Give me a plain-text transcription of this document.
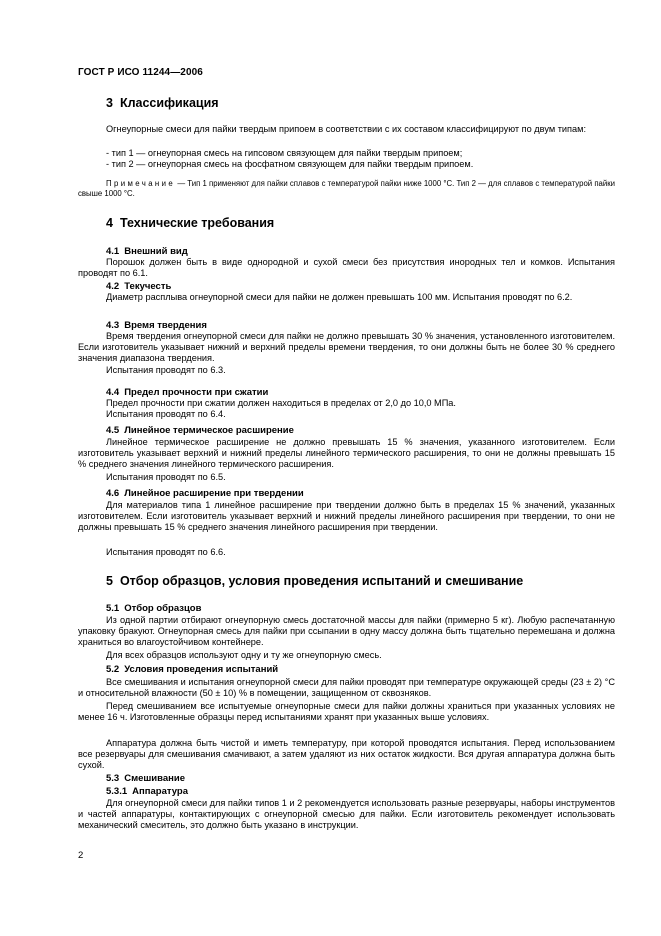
ГОСТ Р ИСО 11244—2006
3 Классификация
Огнеупорные смеси для пайки твердым припоем в соответствии с их составом классифицируют по двум типам:
- тип 1 — огнеупорная смесь на гипсовом связующем для пайки твердым припоем;
- тип 2 — огнеупорная смесь на фосфатном связующем для пайки твердым припоем.
Примечание — Тип 1 применяют для пайки сплавов с температурой пайки ниже 1000 °С. Тип 2 — для сплавов с температурой пайки свыше 1000 °С.
4 Технические требования
4.1 Внешний вид
Порошок должен быть в виде однородной и сухой смеси без присутствия инородных тел и комков. Испытания проводят по 6.1.
4.2 Текучесть
Диаметр расплыва огнеупорной смеси для пайки не должен превышать 100 мм. Испытания проводят по 6.2.
4.3 Время твердения
Время твердения огнеупорной смеси для пайки не должно превышать 30 % значения, установленного изготовителем. Если изготовитель указывает нижний и верхний пределы времени твердения, то они должны быть не более 30 % среднего значения диапазона твердения.
Испытания проводят по 6.3.
4.4 Предел прочности при сжатии
Предел прочности при сжатии должен находиться в пределах от 2,0 до 10,0 МПа.
Испытания проводят по 6.4.
4.5 Линейное термическое расширение
Линейное термическое расширение не должно превышать 15 % значения, указанного изготовителем. Если изготовитель указывает верхний и нижний пределы линейного термического расширения, то они не должны превышать 15 % среднего значения линейного термического расширения.
Испытания проводят по 6.5.
4.6 Линейное расширение при твердении
Для материалов типа 1 линейное расширение при твердении должно быть в пределах 15 % значений, указанных изготовителем. Если изготовитель указывает верхний и нижний пределы линейного расширения при твердении, то они не должны превышать 15 % среднего значения линейного расширения при твердении.
Испытания проводят по 6.6.
5 Отбор образцов, условия проведения испытаний и смешивание
5.1 Отбор образцов
Из одной партии отбирают огнеупорную смесь достаточной массы для пайки (примерно 5 кг). Любую распечатанную упаковку бракуют. Огнеупорная смесь для пайки при ссыпании в одну массу должна быть тщательно перемешана и должна храниться во влагоустойчивом контейнере.
Для всех образцов используют одну и ту же огнеупорную смесь.
5.2 Условия проведения испытаний
Все смешивания и испытания огнеупорной смеси для пайки проводят при температуре окружающей среды (23 ± 2) °С и относительной влажности (50 ± 10) % в помещении, защищенном от сквозняков.
Перед смешиванием все испытуемые огнеупорные смеси для пайки должны храниться при указанных условиях не менее 16 ч. Изготовленные образцы перед испытаниями хранят при указанных выше условиях.
Аппаратура должна быть чистой и иметь температуру, при которой проводятся испытания. Перед использованием все резервуары для смешивания смачивают, а затем удаляют из них остаток жидкости. Вся другая аппаратура должна быть сухой.
5.3 Смешивание
5.3.1 Аппаратура
Для огнеупорной смеси для пайки типов 1 и 2 рекомендуется использовать разные резервуары, наборы инструментов и частей аппаратуры, контактирующих с огнеупорной смесью для пайки. Если изготовитель рекомендует использовать механический смеситель, это должно быть указано в инструкции.
2
